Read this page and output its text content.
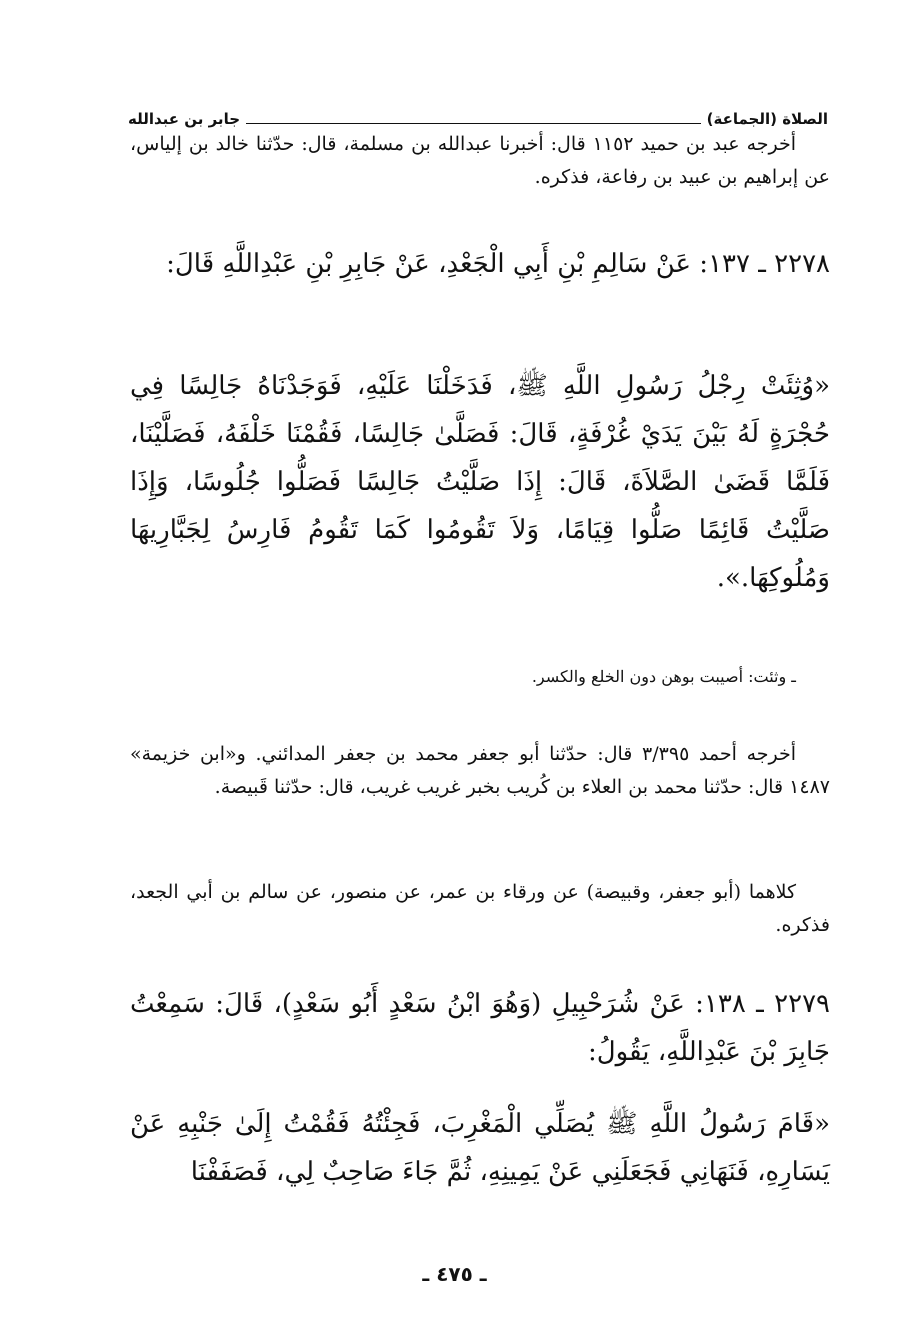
الصلاة (الجماعة)
جابر بن عبدالله

أخرجه عبد بن حميد ١١٥٢ قال: أخبرنا عبدالله بن مسلمة، قال: حدّثنا خالد بن إلياس، عن إبراهيم بن عبيد بن رفاعة، فذكره.

٢٢٧٨ ـ ١٣٧: عَنْ سَالِمِ بْنِ أَبِي الْجَعْدِ، عَنْ جَابِرِ بْنِ عَبْدِاللَّهِ قَالَ:

«وُثِئَتْ رِجْلُ رَسُولِ اللَّهِ ﷺ، فَدَخَلْنَا عَلَيْهِ، فَوَجَدْنَاهُ جَالِسًا فِي حُجْرَةٍ لَهُ بَيْنَ يَدَيْ غُرْفَةٍ، قَالَ: فَصَلَّىٰ جَالِسًا، فَقُمْنَا خَلْفَهُ، فَصَلَّيْنَا، فَلَمَّا قَضَىٰ الصَّلاَةَ، قَالَ: إِذَا صَلَّيْتُ جَالِسًا فَصَلُّوا جُلُوسًا، وَإِذَا صَلَّيْتُ قَائِمًا صَلُّوا قِيَامًا، وَلاَ تَقُومُوا كَمَا تَقُومُ فَارِسُ لِجَبَّارِيهَا وَمُلُوكِهَا.».

ـ وثئت: أصيبت بوهن دون الخلع والكسر.

أخرجه أحمد ٣/٣٩٥ قال: حدّثنا أبو جعفر محمد بن جعفر المدائني. و«ابن خزيمة» ١٤٨٧ قال: حدّثنا محمد بن العلاء بن كُريب بخبر غريب غريب، قال: حدّثنا قَبيصة.

كلاهما (أبو جعفر، وقبيصة) عن ورقاء بن عمر، عن منصور، عن سالم بن أبي الجعد، فذكره.

٢٢٧٩ ـ ١٣٨: عَنْ شُرَحْبِيلِ (وَهُوَ ابْنُ سَعْدٍ أَبُو سَعْدٍ)، قَالَ: سَمِعْتُ جَابِرَ بْنَ عَبْدِاللَّهِ، يَقُولُ:

«قَامَ رَسُولُ اللَّهِ ﷺ يُصَلِّي الْمَغْرِبَ، فَجِئْتُهُ فَقُمْتُ إِلَىٰ جَنْبِهِ عَنْ يَسَارِهِ، فَنَهَانِي فَجَعَلَنِي عَنْ يَمِينِهِ، ثُمَّ جَاءَ صَاحِبٌ لِي، فَصَفَفْنَا

ـ ٤٧٥ ـ
